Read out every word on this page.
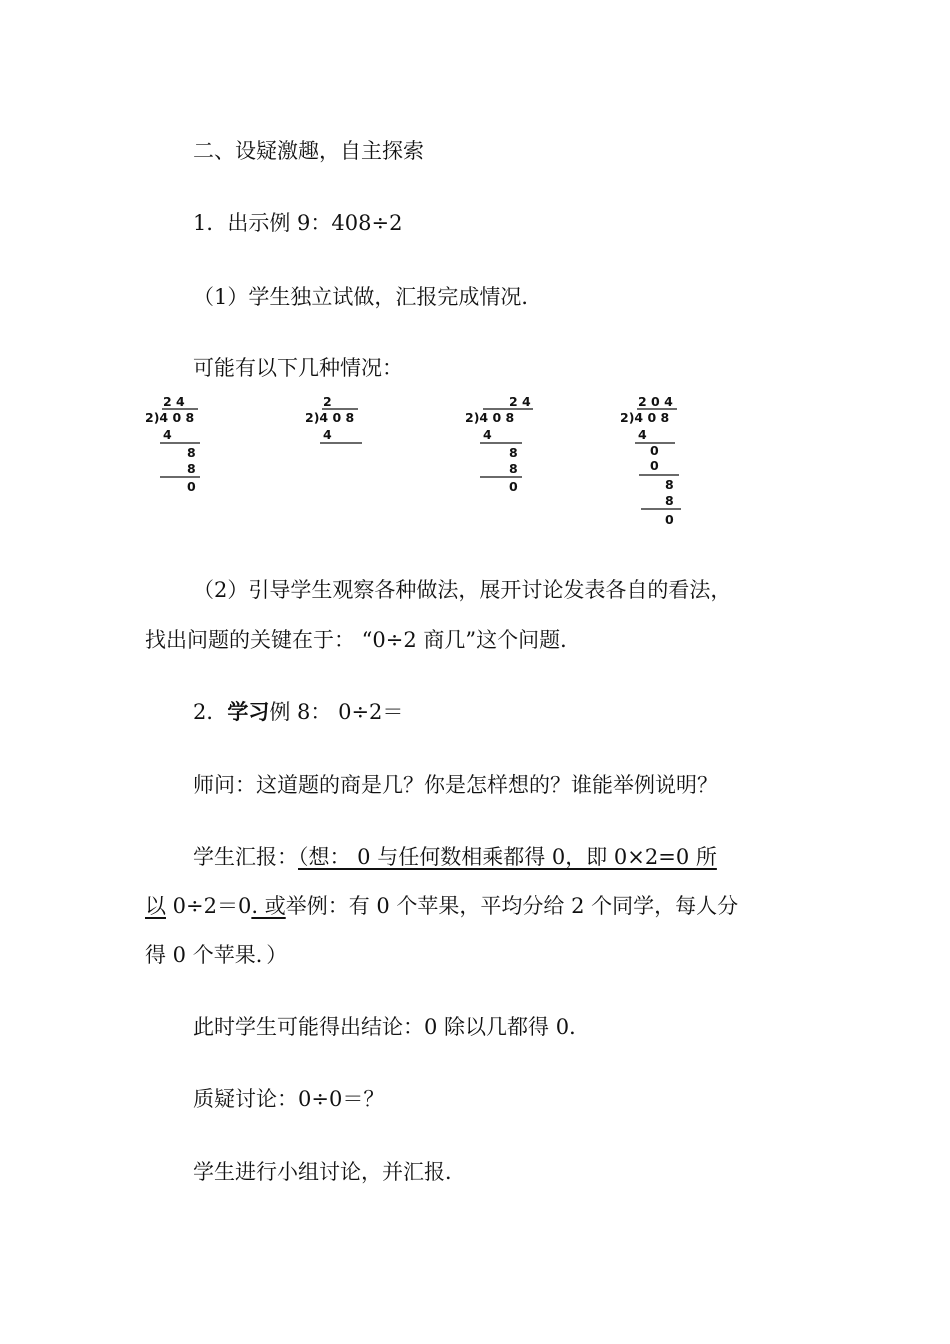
二、设疑激趣，自主探索
1．出示例 9：408÷2
（1）学生独立试做，汇报完成情况．
可能有以下几种情况：
2 4
2)4 0 8
4
8
8
0
2
2)4 0 8
4
2 4
2)4 0 8
4
8
8
0
2 0 4
2)4 0 8
4
0
0
8
8
0
（2）引导学生观察各种做法，展开讨论发表各自的看法，
找出问题的关键在于： “0÷2 商几”这个问题．
2．学习例 8： 0÷2＝
师问：这道题的商是几？你是怎样想的？谁能举例说明？
学生汇报：（想： 0 与任何数相乘都得 0，即 0×2=0 所
以 0÷2＝0. 或举例：有 0 个苹果，平均分给 2 个同学，每人分
得 0 个苹果．）
此时学生可能得出结论：0 除以几都得 0．
质疑讨论：0÷0＝？
学生进行小组讨论，并汇报．
